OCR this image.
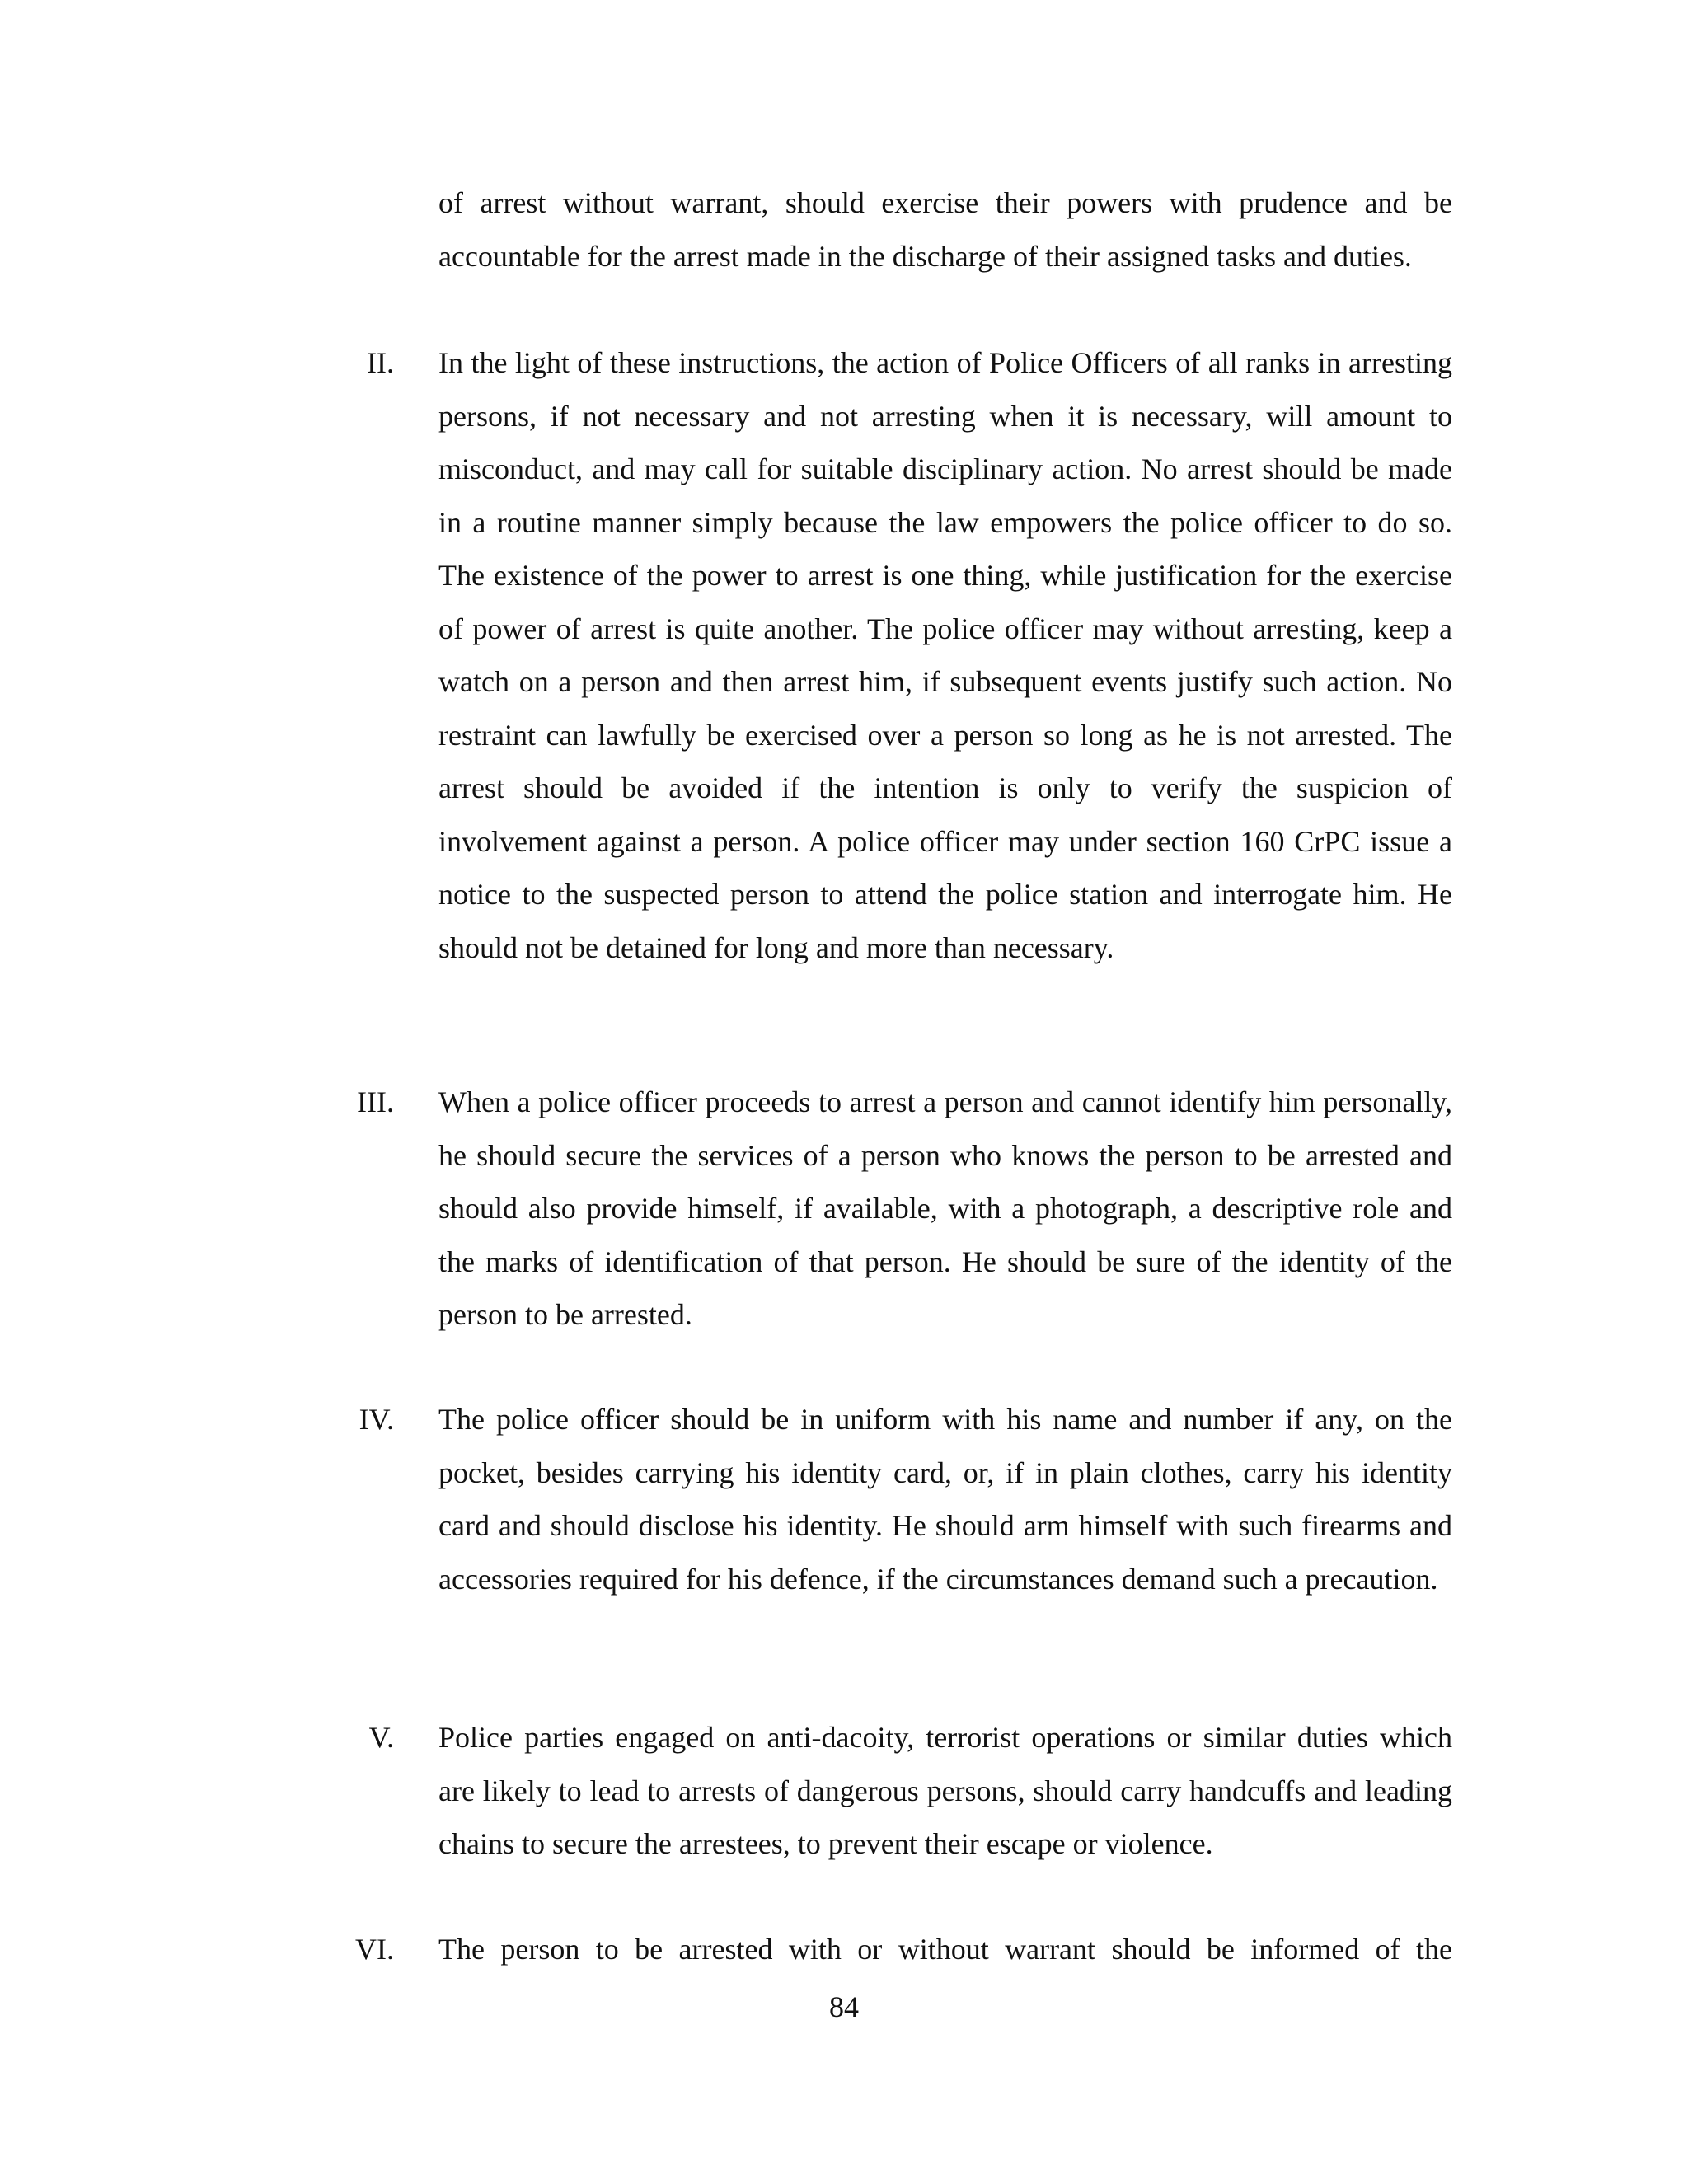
of arrest without warrant, should exercise their powers with prudence and be accountable for the arrest made in the discharge of their assigned tasks and duties.

II. In the light of these instructions, the action of Police Officers of all ranks in arresting persons, if not necessary and not arresting when it is necessary, will amount to misconduct, and may call for suitable disciplinary action. No arrest should be made in a routine manner simply because the law empowers the police officer to do so. The existence of the power to arrest is one thing, while justification for the exercise of power of arrest is quite another. The police officer may without arresting, keep a watch on a person and then arrest him, if subsequent events justify such action. No restraint can lawfully be exercised over a person so long as he is not arrested. The arrest should be avoided if the intention is only to verify the suspicion of involvement against a person. A police officer may under section 160 CrPC issue a notice to the suspected person to attend the police station and interrogate him. He should not be detained for long and more than necessary.

III. When a police officer proceeds to arrest a person and cannot identify him personally, he should secure the services of a person who knows the person to be arrested and should also provide himself, if available, with a photograph, a descriptive role and the marks of identification of that person. He should be sure of the identity of the person to be arrested.

IV. The police officer should be in uniform with his name and number if any, on the pocket, besides carrying his identity card, or, if in plain clothes, carry his identity card and should disclose his identity. He should arm himself with such firearms and accessories required for his defence, if the circumstances demand such a precaution.

V. Police parties engaged on anti-dacoity, terrorist operations or similar duties which are likely to lead to arrests of dangerous persons, should carry handcuffs and leading chains to secure the arrestees, to prevent their escape or violence.

VI. The person to be arrested with or without warrant should be informed of the

84
